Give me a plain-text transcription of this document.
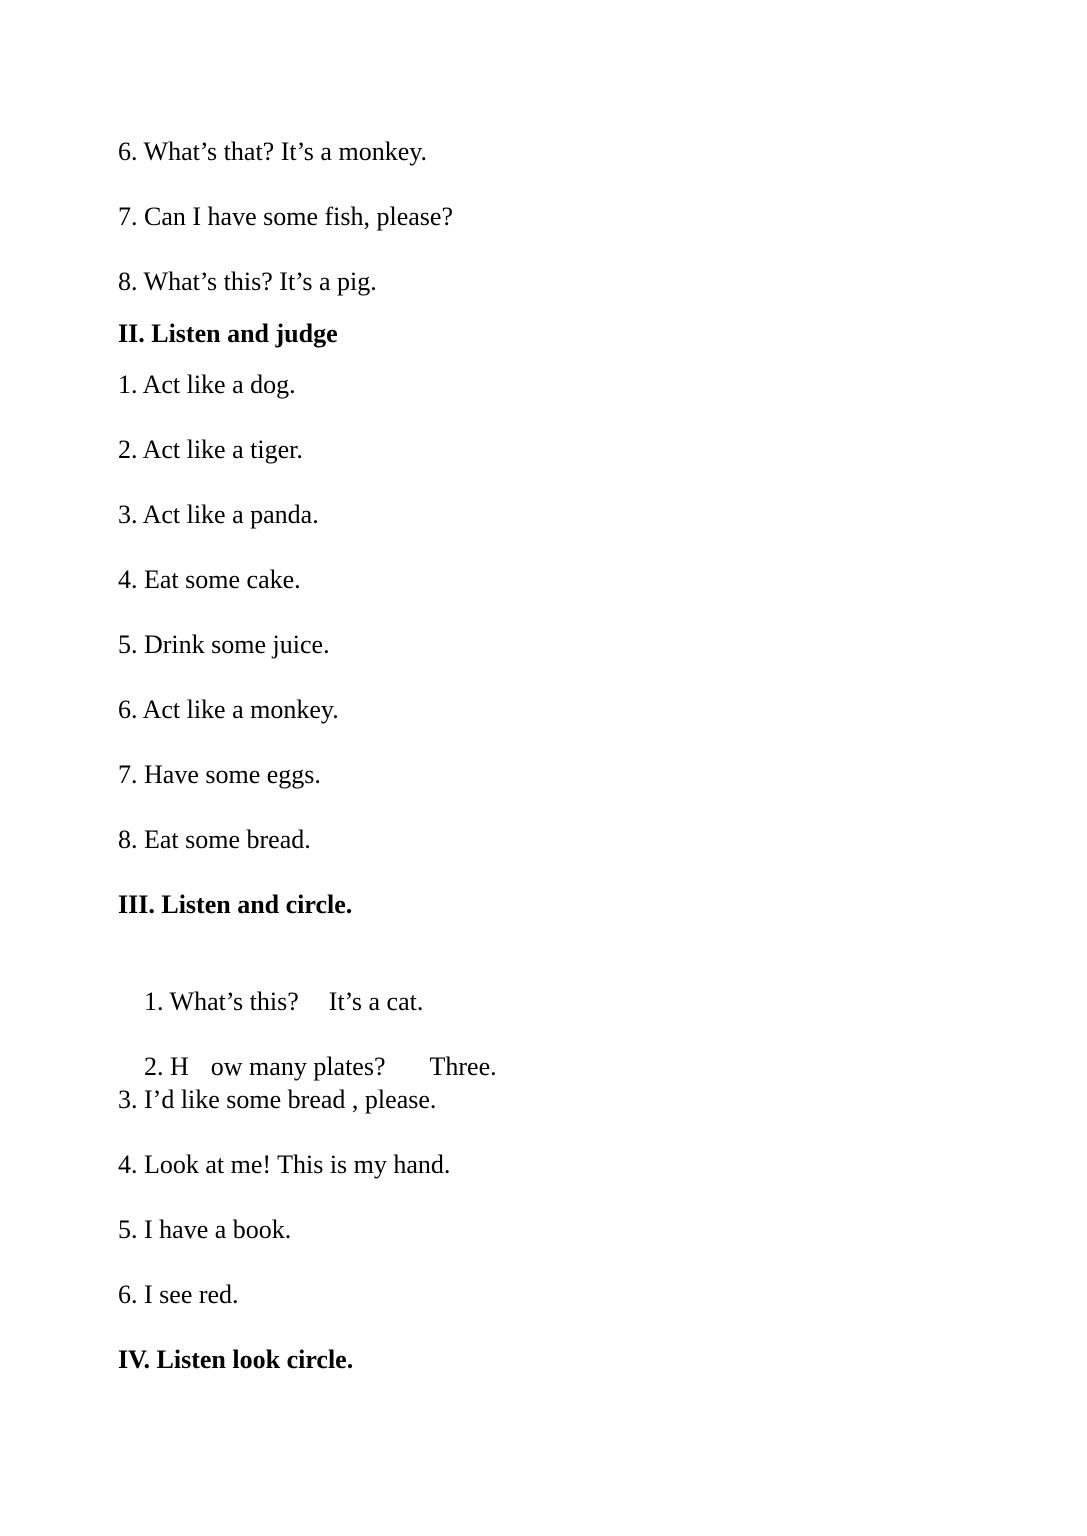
6. What’s that? It’s a monkey.
7. Can I have some fish, please?
8. What’s this? It’s a pig.
II. Listen and judge
1. Act like a dog.
2. Act like a tiger.
3. Act like a panda.
4. Eat some cake.
5. Drink some juice.
6. Act like a monkey.
7. Have some eggs.
8. Eat some bread.
III. Listen and circle.

1. What’s this? It’s a cat.

2. H ow many plates? Three.

3. I’d like some bread , please.
4. Look at me! This is my hand.
5. I have a book.
6. I see red.
IV. Listen look circle.
